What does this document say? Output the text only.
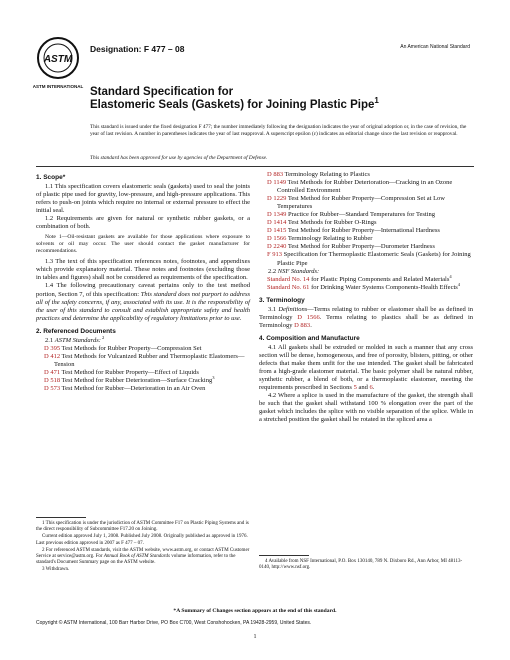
ASTM
ASTM INTERNATIONAL
Designation: F 477 – 08	An American National Standard
Standard Specification for
Elastomeric Seals (Gaskets) for Joining Plastic Pipe$^1$
This standard is issued under the fixed designation F 477; the number immediately following the designation indicates the year of original adoption or, in the case of revision, the year of last revision. A number in parentheses indicates the year of last reapproval. A superscript epsilon (ε) indicates an editorial change since the last revision or reapproval.
This standard has been approved for use by agencies of the Department of Defense.
1. Scope*
1.1 This specification covers elastomeric seals (gaskets) used to seal the joints of plastic pipe used for gravity, low-pressure, and high-pressure applications. This refers to push-on joints which require no internal or external pressure to effect the initial seal.
1.2 Requirements are given for natural or synthetic rubber gaskets, or a combination of both.
Note 1—Oil-resistant gaskets are available for those applications where exposure to solvents or oil may occur. The user should contact the gasket manufacturer for recommendations.
1.3 The text of this specification references notes, footnotes, and appendixes which provide explanatory material. These notes and footnotes (excluding those in tables and figures) shall not be considered as requirements of the specification.
1.4 The following precautionary caveat pertains only to the test method portion, Section 7, of this specification: This standard does not purport to address all of the safety concerns, if any, associated with its use. It is the responsibility of the user of this standard to consult and establish appropriate safety and health practices and determine the applicability of regulatory limitations prior to use.
2. Referenced Documents
2.1 ASTM Standards: $^2$
D 395 Test Methods for Rubber Property—Compression Set
D 412 Test Methods for Vulcanized Rubber and Thermoplastic Elastomers—Tension
D 471 Test Method for Rubber Property—Effect of Liquids
D 518 Test Method for Rubber Deterioration—Surface Cracking$^3$
D 573 Test Method for Rubber—Deterioration in an Air Oven
D 883 Terminology Relating to Plastics
D 1149 Test Methods for Rubber Deterioration—Cracking in an Ozone Controlled Environment
D 1229 Test Method for Rubber Property—Compression Set at Low Temperatures
D 1349 Practice for Rubber—Standard Temperatures for Testing
D 1414 Test Methods for Rubber O-Rings
D 1415 Test Method for Rubber Property—International Hardness
D 1566 Terminology Relating to Rubber
D 2240 Test Method for Rubber Property—Durometer Hardness
F 913 Specification for Thermoplastic Elastomeric Seals (Gaskets) for Joining Plastic Pipe
2.2 NSF Standards:
Standard No. 14 for Plastic Piping Components and Related Materials$^4$
Standard No. 61 for Drinking Water Systems Components-Health Effects$^4$
3. Terminology
3.1 Definitions—Terms relating to rubber or elastomer shall be as defined in Terminology D 1566. Terms relating to plastics shall be as defined in Terminology D 883.
4. Composition and Manufacture
4.1 All gaskets shall be extruded or molded in such a manner that any cross section will be dense, homogeneous, and free of porosity, blisters, pitting, or other defects that make them unfit for the use intended. The gasket shall be fabricated from a high-grade elastomer material. The basic polymer shall be natural rubber, synthetic rubber, a blend of both, or a thermoplastic elastomer, meeting the requirements prescribed in Sections 5 and 6.
4.2 Where a splice is used in the manufacture of the gasket, the strength shall be such that the gasket shall withstand 100 % elongation over the part of the gasket which includes the splice with no visible separation of the splice. While in a stretched position the gasket shall be rotated in the spliced area a
1 This specification is under the jurisdiction of ASTM Committee F17 on Plastic Piping Systems and is the direct responsibility of Subcommittee F17.20 on Joining.
Current edition approved July 1, 2008. Published July 2008. Originally published as approved in 1976. Last previous edition approved in 2007 as F 477 – 07.
2 For referenced ASTM standards, visit the ASTM website, www.astm.org, or contact ASTM Customer Service at service@astm.org. For Annual Book of ASTM Standards volume information, refer to the standard's Document Summary page on the ASTM website.
3 Withdrawn.
4 Available from NSF International, P.O. Box 130140, 789 N. Dixboro Rd., Ann Arbor, MI 48113-0140, http://www.nsf.org.
*A Summary of Changes section appears at the end of this standard.
Copyright © ASTM International, 100 Barr Harbor Drive, PO Box C700, West Conshohocken, PA 19428-2959, United States.
1
